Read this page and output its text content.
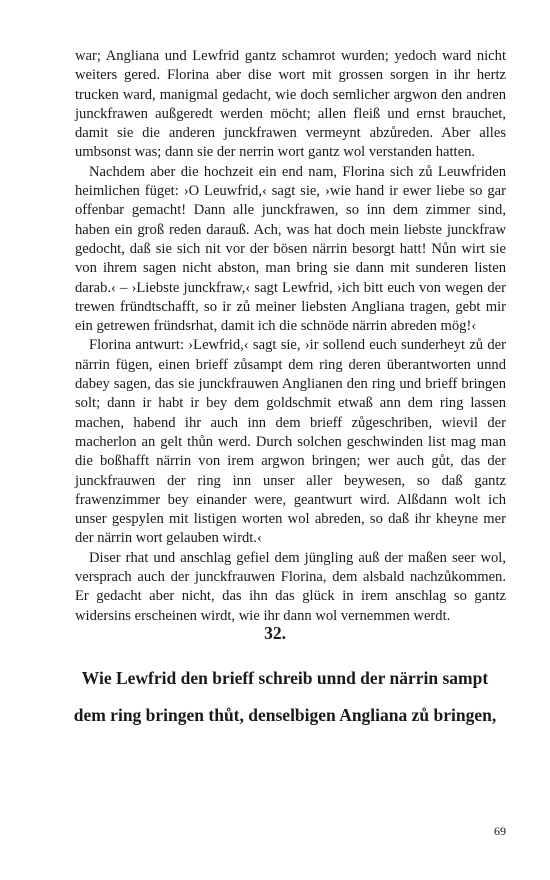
war; Angliana und Lewfrid gantz schamrot wurden; yedoch ward nicht weiters gered. Florina aber dise wort mit grossen sorgen in ihr hertz trucken ward, manigmal gedacht, wie doch semlicher argwon den andren junckfrawen außgeredt werden möcht; allen fleiß und ernst brauchet, damit sie die anderen junckfrawen vermeynt abzůreden. Aber alles umbsonst was; dann sie der nerrin wort gantz wol verstanden hatten.

Nachdem aber die hochzeit ein end nam, Florina sich zů Leuwfriden heimlichen füget: ›O Leuwfrid,‹ sagt sie, ›wie hand ir ewer liebe so gar offenbar gemacht! Dann alle junckfrawen, so inn dem zimmer sind, haben ein groß reden darauß. Ach, was hat doch mein liebste junckfraw gedocht, daß sie sich nit vor der bösen närrin besorgt hatt! Nůn wirt sie von ihrem sagen nicht abston, man bring sie dann mit sunderen listen darab.‹ – ›Liebste junckfraw,‹ sagt Lewfrid, ›ich bitt euch von wegen der trewen fründtschafft, so ir zů meiner liebsten Angliana tragen, gebt mir ein getrewen fründsrhat, damit ich die schnöde närrin abreden mög!‹

Florina antwurt: ›Lewfrid,‹ sagt sie, ›ir sollend euch sunderheyt zů der närrin fügen, einen brieff zůsampt dem ring deren überantworten unnd dabey sagen, das sie junckfrauwen Anglianen den ring und brieff bringen solt; dann ir habt ir bey dem goldschmit etwaß ann dem ring lassen machen, habend ihr auch inn dem brieff zůgeschriben, wievil der macherlon an gelt thůn werd. Durch solchen geschwinden list mag man die boßhafft närrin von irem argwon bringen; wer auch gůt, das der junckfrauwen der ring inn unser aller beywesen, so daß gantz frawenzimmer bey einander were, geantwurt wird. Alßdann wolt ich unser gespylen mit listigen worten wol abreden, so daß ihr kheyne mer der närrin wort gelauben wirdt.‹

Diser rhat und anschlag gefiel dem jüngling auß der maßen seer wol, versprach auch der junckfrauwen Florina, dem alsbald nachzůkommen. Er gedacht aber nicht, das ihn das glück in irem anschlag so gantz widersins erscheinen wirdt, wie ihr dann wol vernemmen werdt.

32.
Wie Lewfrid den brieff schreib unnd der närrin sampt
dem ring bringen thůt, denselbigen Angliana zů bringen,
69
